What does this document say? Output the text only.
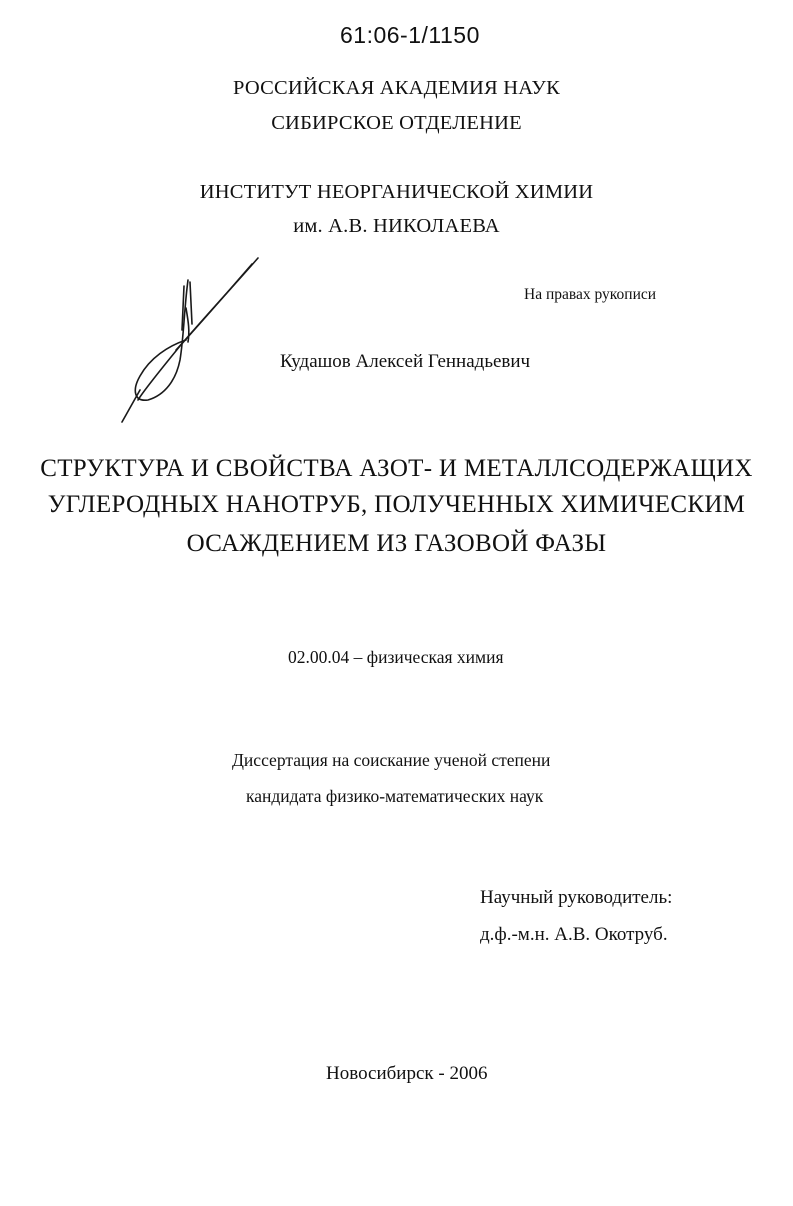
61:06-1/1150
РОССИЙСКАЯ АКАДЕМИЯ НАУК
СИБИРСКОЕ ОТДЕЛЕНИЕ
ИНСТИТУТ НЕОРГАНИЧЕСКОЙ ХИМИИ
им. А.В. НИКОЛАЕВА
На правах рукописи
Кудашов Алексей Геннадьевич
СТРУКТУРА И СВОЙСТВА АЗОТ- И МЕТАЛЛСОДЕРЖАЩИХ
УГЛЕРОДНЫХ НАНОТРУБ, ПОЛУЧЕННЫХ ХИМИЧЕСКИМ
ОСАЖДЕНИЕМ ИЗ ГАЗОВОЙ ФАЗЫ
02.00.04 – физическая химия
Диссертация на соискание ученой степени
кандидата физико-математических наук
Научный руководитель:
д.ф.-м.н. А.В. Окотруб.
Новосибирск - 2006
